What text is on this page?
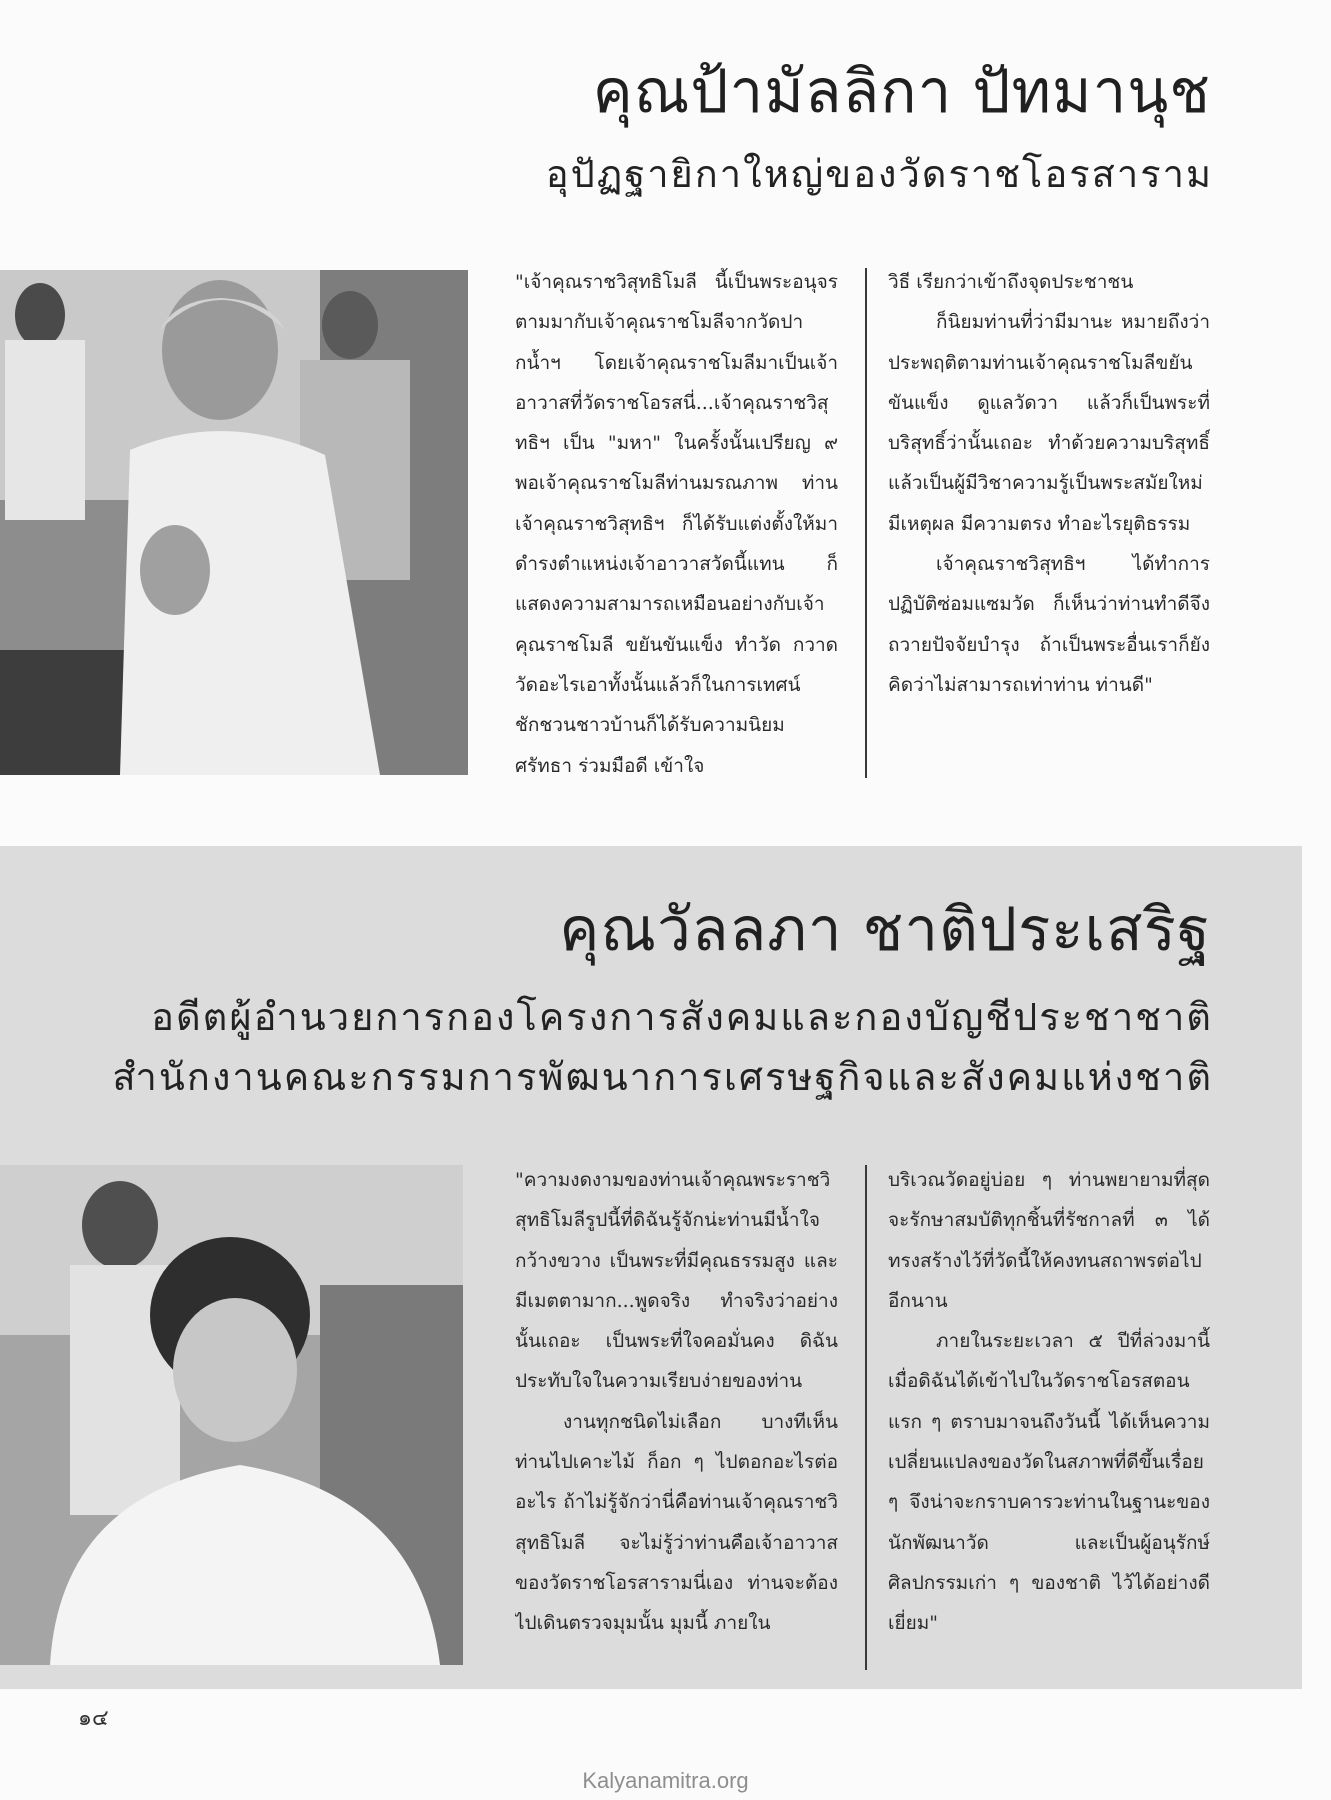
คุณป้ามัลลิกา ปัทมานุช
อุปัฏฐายิกาใหญ่ของวัดราชโอรสาราม

"เจ้าคุณราชวิสุทธิโมลี นี้เป็นพระอนุจรตามมากับเจ้าคุณราชโมลีจากวัดปากน้ำฯ โดยเจ้าคุณราชโมลีมาเป็นเจ้าอาวาสที่วัดราชโอรสนี่...เจ้าคุณราชวิสุทธิฯ เป็น "มหา" ในครั้งนั้นเปรียญ ๙ พอเจ้าคุณราชโมลีท่านมรณภาพ ท่านเจ้าคุณราชวิสุทธิฯ ก็ได้รับแต่งตั้งให้มาดำรงตำแหน่งเจ้าอาวาสวัดนี้แทน ก็แสดงความสามารถเหมือนอย่างกับเจ้าคุณราชโมลี ขยันขันแข็ง ทำวัด กวาดวัดอะไรเอาทั้งนั้นแล้วก็ในการเทศน์ชักชวนชาวบ้านก็ได้รับความนิยม ศรัทธา ร่วมมือดี เข้าใจ

วิธี เรียกว่าเข้าถึงจุดประชาชน

ก็นิยมท่านที่ว่ามีมานะ หมายถึงว่าประพฤติตามท่านเจ้าคุณราชโมลีขยันขันแข็ง ดูแลวัดวา แล้วก็เป็นพระที่บริสุทธิ์ว่านั้นเถอะ ทำด้วยความบริสุทธิ์แล้วเป็นผู้มีวิชาความรู้เป็นพระสมัยใหม่ มีเหตุผล มีความตรง ทำอะไรยุติธรรม

เจ้าคุณราชวิสุทธิฯ ได้ทำการปฏิบัติซ่อมแซมวัด ก็เห็นว่าท่านทำดีจึงถวายปัจจัยบำรุง ถ้าเป็นพระอื่นเราก็ยังคิดว่าไม่สามารถเท่าท่าน ท่านดี"

คุณวัลลภา ชาติประเสริฐ
อดีตผู้อำนวยการกองโครงการสังคมและกองบัญชีประชาชาติ
สำนักงานคณะกรรมการพัฒนาการเศรษฐกิจและสังคมแห่งชาติ

"ความงดงามของท่านเจ้าคุณพระราชวิสุทธิโมลีรูปนี้ที่ดิฉันรู้จักน่ะท่านมีน้ำใจกว้างขวาง เป็นพระที่มีคุณธรรมสูง และมีเมตตามาก...พูดจริง ทำจริงว่าอย่างนั้นเถอะ เป็นพระที่ใจคอมั่นคง ดิฉันประทับใจในความเรียบง่ายของท่าน

งานทุกชนิดไม่เลือก บางทีเห็นท่านไปเคาะไม้ ก็อก ๆ ไปตอกอะไรต่ออะไร ถ้าไม่รู้จักว่านี่คือท่านเจ้าคุณราชวิสุทธิโมลี จะไม่รู้ว่าท่านคือเจ้าอาวาสของวัดราชโอรสารามนี่เอง ท่านจะต้องไปเดินตรวจมุมนั้น มุมนี้ ภายใน

บริเวณวัดอยู่บ่อย ๆ ท่านพยายามที่สุดจะรักษาสมบัติทุกชิ้นที่รัชกาลที่ ๓ ได้ทรงสร้างไว้ที่วัดนี้ให้คงทนสถาพรต่อไปอีกนาน

ภายในระยะเวลา ๕ ปีที่ล่วงมานี้ เมื่อดิฉันได้เข้าไปในวัดราชโอรสตอนแรก ๆ ตราบมาจนถึงวันนี้ ได้เห็นความเปลี่ยนแปลงของวัดในสภาพที่ดีขึ้นเรื่อย ๆ จึงน่าจะกราบคารวะท่านในฐานะของนักพัฒนาวัด และเป็นผู้อนุรักษ์ศิลปกรรมเก่า ๆ ของชาติ ไว้ได้อย่างดีเยี่ยม"

๑๔
Kalyanamitra.org
